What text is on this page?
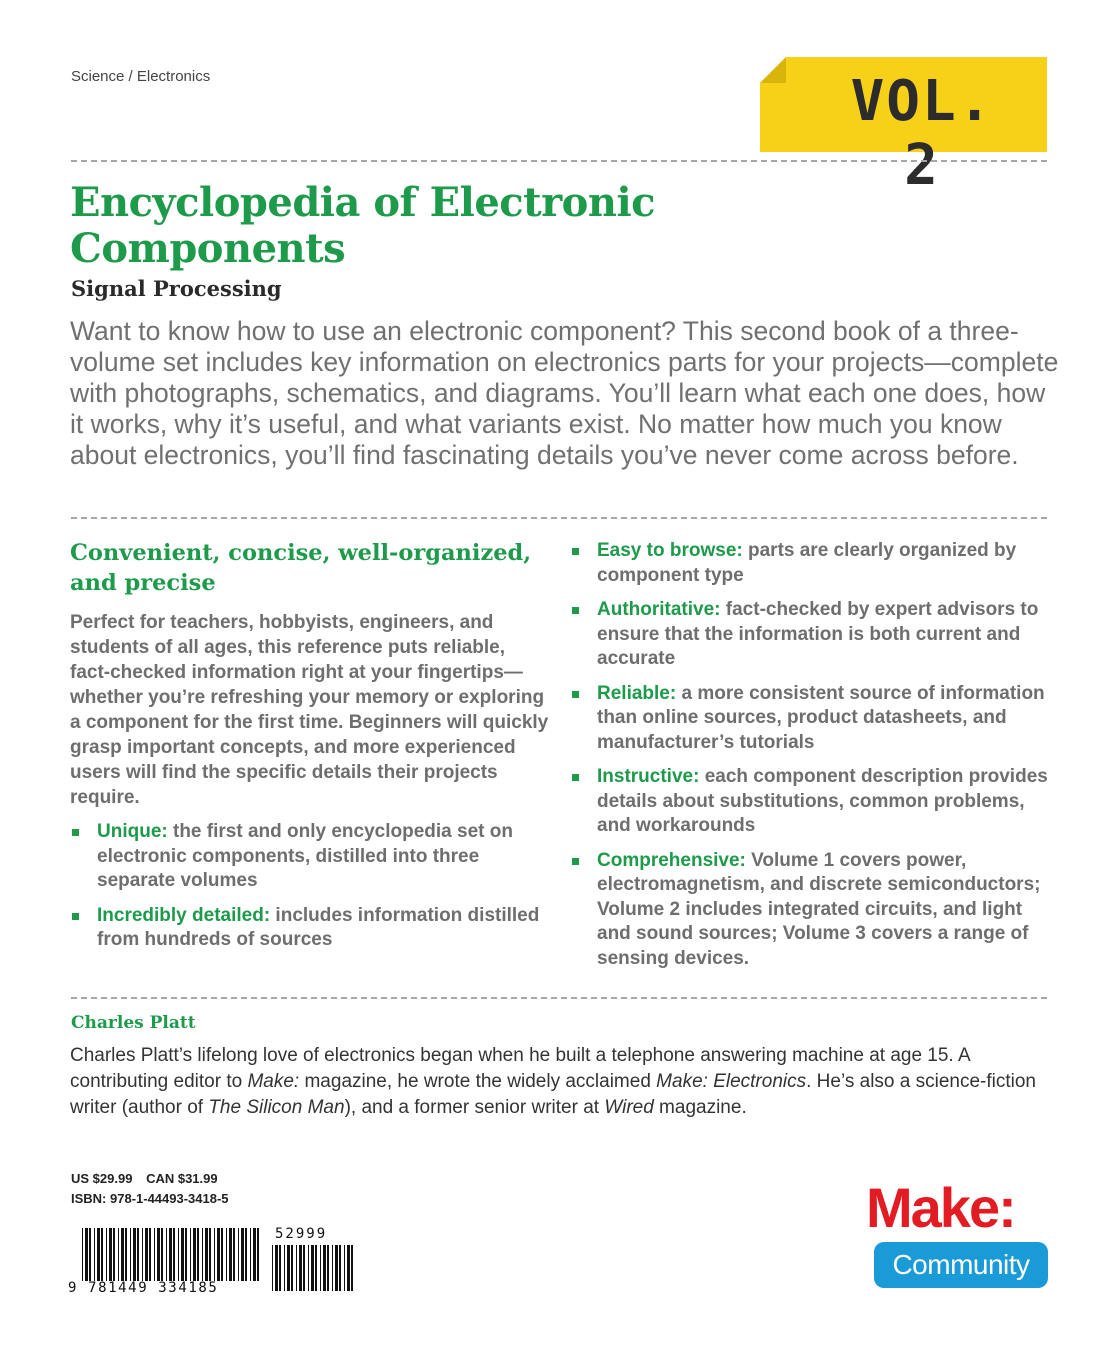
Science / Electronics	VOL. 2
Encyclopedia of Electronic Components
Signal Processing

Want to know how to use an electronic component? This second book of a three-volume set includes key information on electronics parts for your projects—complete with photographs, schematics, and diagrams. You’ll learn what each one does, how it works, why it’s useful, and what variants exist. No matter how much you know about electronics, you’ll find fascinating details you’ve never come across before.

Convenient, concise, well-organized, and precise

Perfect for teachers, hobbyists, engineers, and students of all ages, this reference puts reliable, fact-checked information right at your fingertips—whether you’re refreshing your memory or exploring a component for the first time. Beginners will quickly grasp important concepts, and more experienced users will find the specific details their projects require.

Unique: the first and only encyclopedia set on electronic components, distilled into three separate volumes
Incredibly detailed: includes information distilled from hundreds of sources
Easy to browse: parts are clearly organized by component type
Authoritative: fact-checked by expert advisors to ensure that the information is both current and accurate
Reliable: a more consistent source of information than online sources, product datasheets, and manufacturer’s tutorials
Instructive: each component description provides details about substitutions, common problems, and workarounds
Comprehensive: Volume 1 covers power, electromagnetism, and discrete semiconductors; Volume 2 includes integrated circuits, and light and sound sources; Volume 3 covers a range of sensing devices.
Charles Platt

Charles Platt’s lifelong love of electronics began when he built a telephone answering machine at age 15. A contributing editor to Make: magazine, he wrote the widely acclaimed Make: Electronics. He’s also a science-fiction writer (author of The Silicon Man), and a former senior writer at Wired magazine.

US $29.99 CAN $31.99
ISBN: 978-1-44493-3418-5
9 781449 334185
52999	Make:
Community
